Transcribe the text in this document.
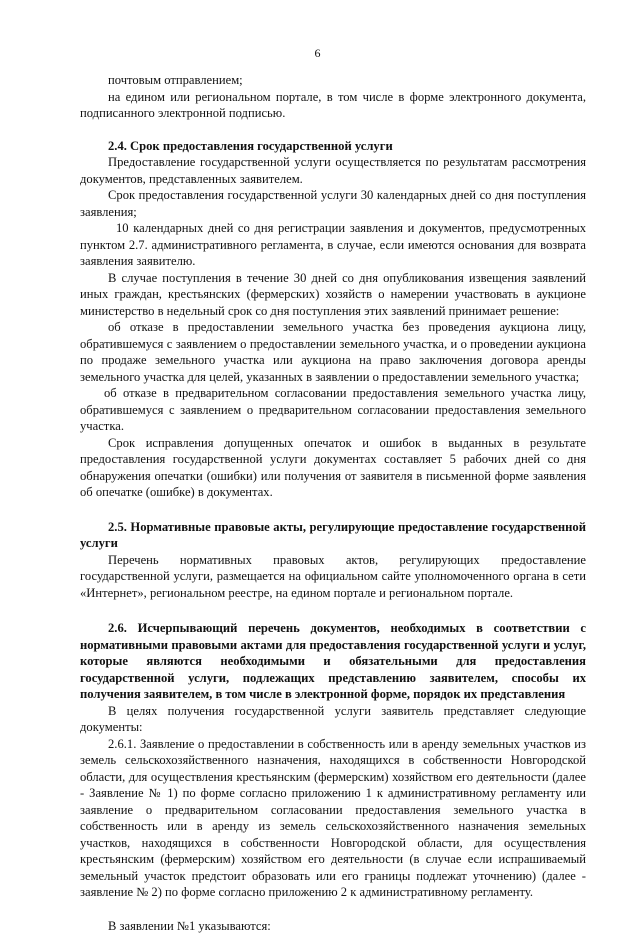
6

почтовым отправлением;

на едином или региональном портале, в том числе в форме электронного документа, подписанного электронной подписью.

2.4. Срок предоставления государственной услуги

Предоставление государственной услуги осуществляется по результатам рассмотрения документов, представленных заявителем.

Срок предоставления государственной услуги 30 календарных дней со дня поступления заявления;

10 календарных дней со дня регистрации заявления и документов, предусмотренных пунктом 2.7. административного регламента, в случае, если имеются основания для возврата заявления заявителю.

В случае поступления в течение 30 дней со дня опубликования извещения заявлений иных граждан, крестьянских (фермерских) хозяйств о намерении участвовать в аукционе министерство в недельный срок со дня поступления этих заявлений принимает решение:

об отказе в предоставлении земельного участка без проведения аукциона лицу, обратившемуся с заявлением о предоставлении земельного участка, и о проведении аукциона по продаже земельного участка или аукциона на право заключения договора аренды земельного участка для целей, указанных в заявлении о предоставлении земельного участка;

об отказе в предварительном согласовании предоставления земельного участка лицу, обратившемуся с заявлением о предварительном согласовании предоставления земельного участка.

Срок исправления допущенных опечаток и ошибок в выданных в результате предоставления государственной услуги документах составляет 5 рабочих дней со дня обнаружения опечатки (ошибки) или получения от заявителя в письменной форме заявления об опечатке (ошибке) в документах.

2.5. Нормативные правовые акты, регулирующие предоставление государственной услуги

Перечень нормативных правовых актов, регулирующих предоставление государственной услуги, размещается на официальном сайте уполномоченного органа в сети «Интернет», региональном реестре, на едином портале и региональном портале.

2.6. Исчерпывающий перечень документов, необходимых в соответствии с нормативными правовыми актами для предоставления государственной услуги и услуг, которые являются необходимыми и обязательными для предоставления государственной услуги, подлежащих представлению заявителем, способы их получения заявителем, в том числе в электронной форме, порядок их представления

В целях получения государственной услуги заявитель представляет следующие документы:

2.6.1. Заявление о предоставлении в собственность или в аренду земельных участков из земель сельскохозяйственного назначения, находящихся в собственности Новгородской области, для осуществления крестьянским (фермерским) хозяйством его деятельности (далее - Заявление № 1) по форме согласно приложению 1 к административному регламенту или заявление о предварительном согласовании предоставления земельного участка в собственность или в аренду из земель сельскохозяйственного назначения земельных участков, находящихся в собственности Новгородской области, для осуществления крестьянским (фермерским) хозяйством его деятельности (в случае если испрашиваемый земельный участок предстоит образовать или его границы подлежат уточнению) (далее - заявление № 2) по форме согласно приложению 2 к административному регламенту.

В заявлении №1 указываются:
